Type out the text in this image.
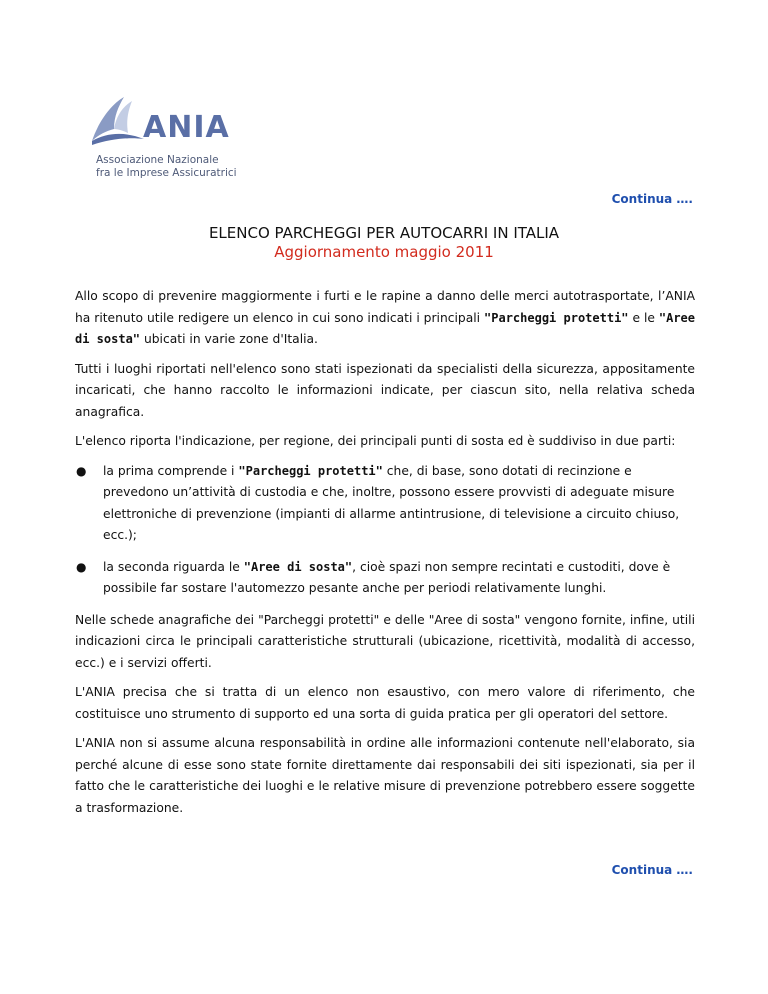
ANIA
Associazione Nazionale
fra le Imprese Assicuratrici
Continua ….
ELENCO PARCHEGGI PER AUTOCARRI IN ITALIA
Aggiornamento maggio 2011

Allo scopo di prevenire maggiormente i furti e le rapine a danno delle merci autotrasportate, l’ANIA ha ritenuto utile redigere un elenco in cui sono indicati i principali "Parcheggi protetti" e le "Aree di sosta" ubicati in varie zone d'Italia.

Tutti i luoghi riportati nell'elenco sono stati ispezionati da specialisti della sicurezza, appositamente incaricati, che hanno raccolto le informazioni indicate, per ciascun sito, nella relativa scheda anagrafica.

L'elenco riporta l'indicazione, per regione, dei principali punti di sosta ed è suddiviso in due parti:

● la prima comprende i "Parcheggi protetti" che, di base, sono dotati di recinzione e prevedono un’attività di custodia e che, inoltre, possono essere provvisti di adeguate misure elettroniche di prevenzione (impianti di allarme antintrusione, di televisione a circuito chiuso, ecc.);
● la seconda riguarda le "Aree di sosta", cioè spazi non sempre recintati e custoditi, dove è possibile far sostare l'automezzo pesante anche per periodi relativamente lunghi.

Nelle schede anagrafiche dei "Parcheggi protetti" e delle "Aree di sosta" vengono fornite, infine, utili indicazioni circa le principali caratteristiche strutturali (ubicazione, ricettività, modalità di accesso, ecc.) e i servizi offerti.

L'ANIA precisa che si tratta di un elenco non esaustivo, con mero valore di riferimento, che costituisce uno strumento di supporto ed una sorta di guida pratica per gli operatori del settore.

L'ANIA non si assume alcuna responsabilità in ordine alle informazioni contenute nell'elaborato, sia perché alcune di esse sono state fornite direttamente dai responsabili dei siti ispezionati, sia per il fatto che le caratteristiche dei luoghi e le relative misure di prevenzione potrebbero essere soggette a trasformazione.

Continua ….
